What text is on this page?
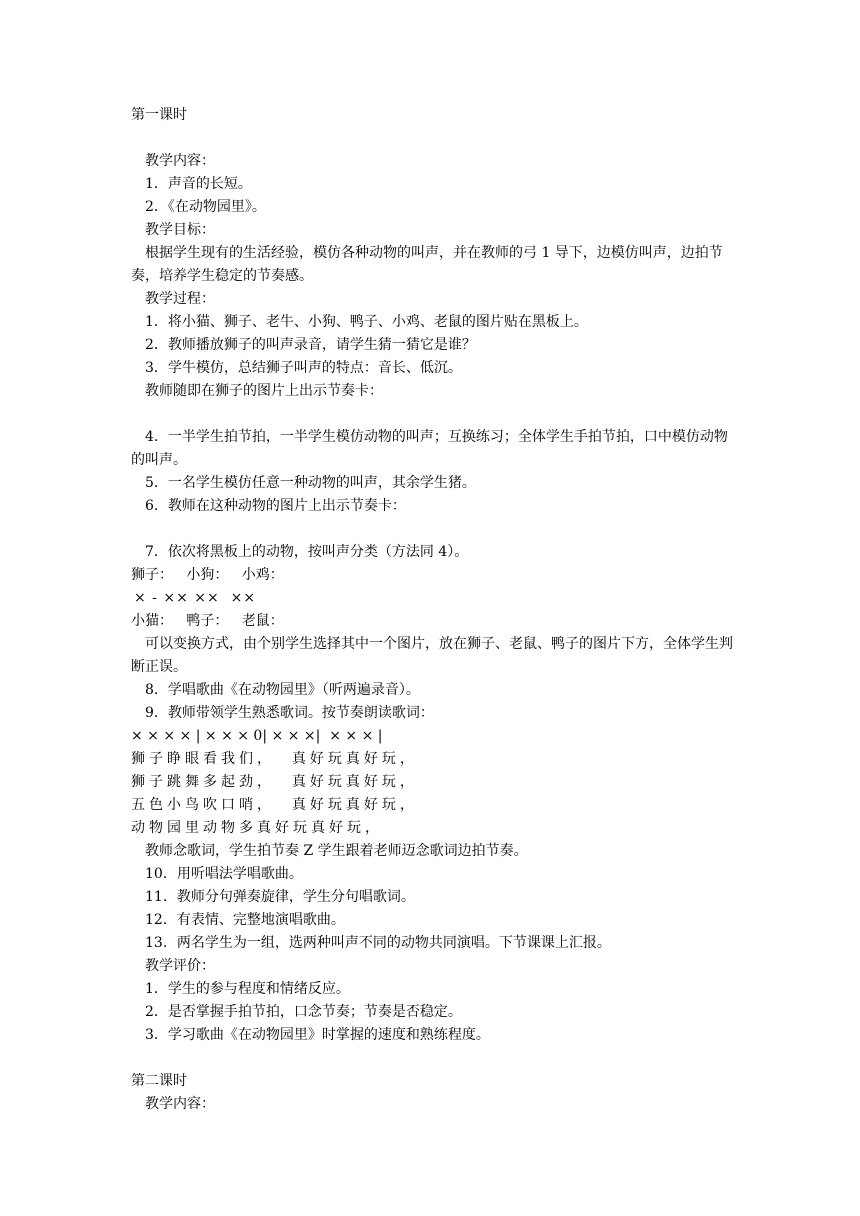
第一课时
教学内容：
1．声音的长短。
2．《在动物园里》。
教学目标：
根据学生现有的生活经验，模仿各种动物的叫声，并在教师的弓 1 导下，边模仿叫声，边拍节奏，培养学生稳定的节奏感。
教学过程：
1．将小猫、狮子、老牛、小狗、鸭子、小鸡、老鼠的图片贴在黑板上。
2．教师播放狮子的叫声录音，请学生猜一猜它是谁？
3．学牛模仿，总结狮子叫声的特点：音长、低沉。
教师随即在狮子的图片上出示节奏卡：
4．一半学生拍节拍，一半学生模仿动物的叫声；互换练习；全体学生手拍节拍，口中模仿动物的叫声。
5．一名学生模仿任意一种动物的叫声，其余学生猪。
6．教师在这种动物的图片上出示节奏卡：
7．依次将黑板上的动物，按叫声分类（方法同 4）。
狮子：   小狗：   小鸡：
× - ×× ××  ××
小猫：   鸭子：   老鼠：
可以变换方式，由个别学生选择其中一个图片，放在狮子、老鼠、鸭子的图片下方，全体学生判断正误。
8．学唱歌曲《在动物园里》（听两遍录音）。
9．教师带领学生熟悉歌词。按节奏朗读歌词：
× × × × | × × × 0| × × ×|  × × × |
狮子睁眼看我们，  真好玩真好玩，
狮子跳舞多起劲，  真好玩真好玩，
五色小鸟吹口哨，  真好玩真好玩，
动物园里动物多真好玩真好玩，
教师念歌词，学生拍节奏 Z 学生跟着老师迈念歌词边拍节奏。
10．用听唱法学唱歌曲。
11．教师分句弹奏旋律，学生分句唱歌词。
12．有表情、完整地演唱歌曲。
13．两名学生为一组，选两种叫声不同的动物共同演唱。下节课课上汇报。
教学评价：
1．学生的参与程度和情绪反应。
2．是否掌握手拍节拍，口念节奏；节奏是否稳定。
3．学习歌曲《在动物园里》时掌握的速度和熟练程度。
第二课时
教学内容：
